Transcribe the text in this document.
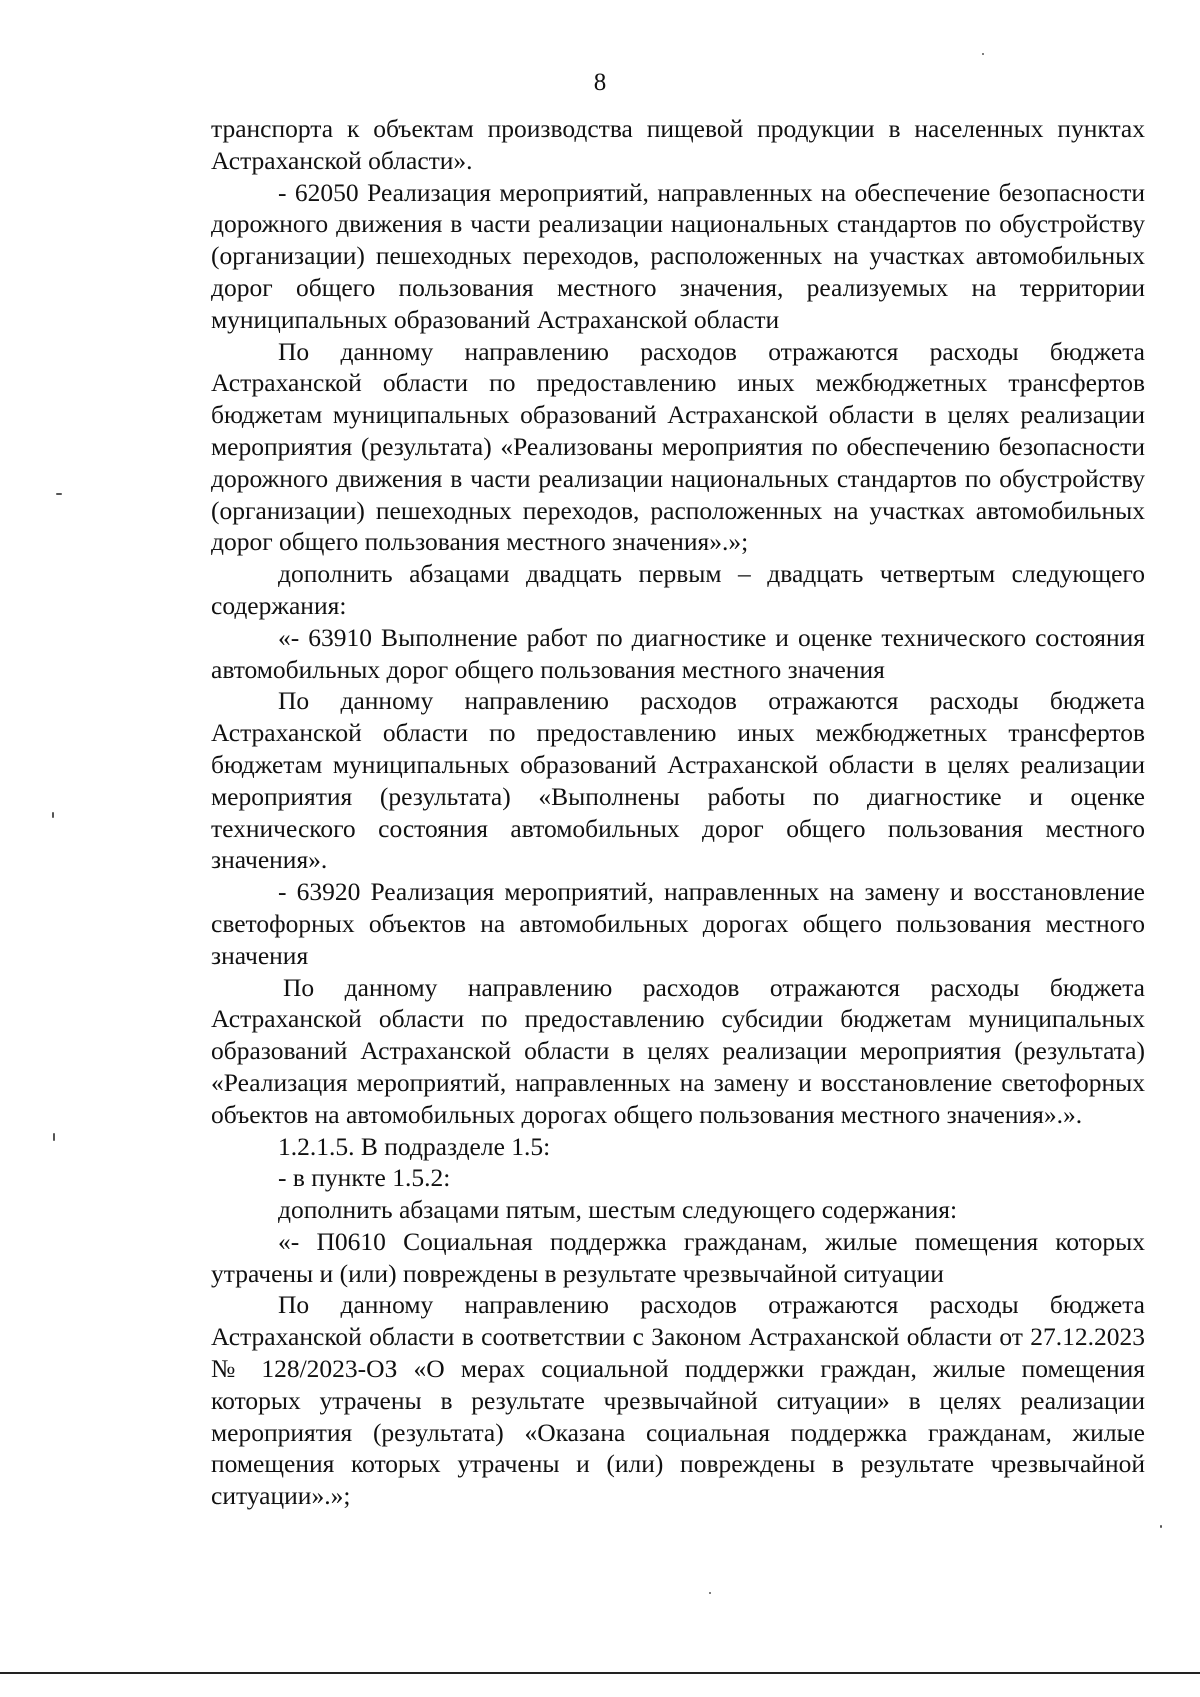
8

транспорта к объектам производства пищевой продукции в населенных пунктах Астраханской области».

- 62050 Реализация мероприятий, направленных на обеспечение безопасности дорожного движения в части реализации национальных стандартов по обустройству (организации) пешеходных переходов, расположенных на участках автомобильных дорог общего пользования местного значения, реализуемых на территории муниципальных образований Астраханской области

По данному направлению расходов отражаются расходы бюджета Астраханской области по предоставлению иных межбюджетных трансфертов бюджетам муниципальных образований Астраханской области в целях реализации мероприятия (результата) «Реализованы мероприятия по обеспечению безопасности дорожного движения в части реализации национальных стандартов по обустройству (организации) пешеходных переходов, расположенных на участках автомобильных дорог общего пользования местного значения».»;

дополнить абзацами двадцать первым – двадцать четвертым следующего содержания:

«- 63910 Выполнение работ по диагностике и оценке технического состояния автомобильных дорог общего пользования местного значения

По данному направлению расходов отражаются расходы бюджета Астраханской области по предоставлению иных межбюджетных трансфертов бюджетам муниципальных образований Астраханской области в целях реализации мероприятия (результата) «Выполнены работы по диагностике и оценке технического состояния автомобильных дорог общего пользования местного значения».

- 63920 Реализация мероприятий, направленных на замену и восстановление светофорных объектов на автомобильных дорогах общего пользования местного значения

По данному направлению расходов отражаются расходы бюджета Астраханской области по предоставлению субсидии бюджетам муниципальных образований Астраханской области в целях реализации мероприятия (результата) «Реализация мероприятий, направленных на замену и восстановление светофорных объектов на автомобильных дорогах общего пользования местного значения».».

1.2.1.5. В подразделе 1.5:

- в пункте 1.5.2:

дополнить абзацами пятым, шестым следующего содержания:

«- П0610 Социальная поддержка гражданам, жилые помещения которых утрачены и (или) повреждены в результате чрезвычайной ситуации

По данному направлению расходов отражаются расходы бюджета Астраханской области в соответствии с Законом Астраханской области от 27.12.2023 № 128/2023-ОЗ «О мерах социальной поддержки граждан, жилые помещения которых утрачены в результате чрезвычайной ситуации» в целях реализации мероприятия (результата) «Оказана социальная поддержка гражданам, жилые помещения которых утрачены и (или) повреждены в результате чрезвычайной ситуации».»;
